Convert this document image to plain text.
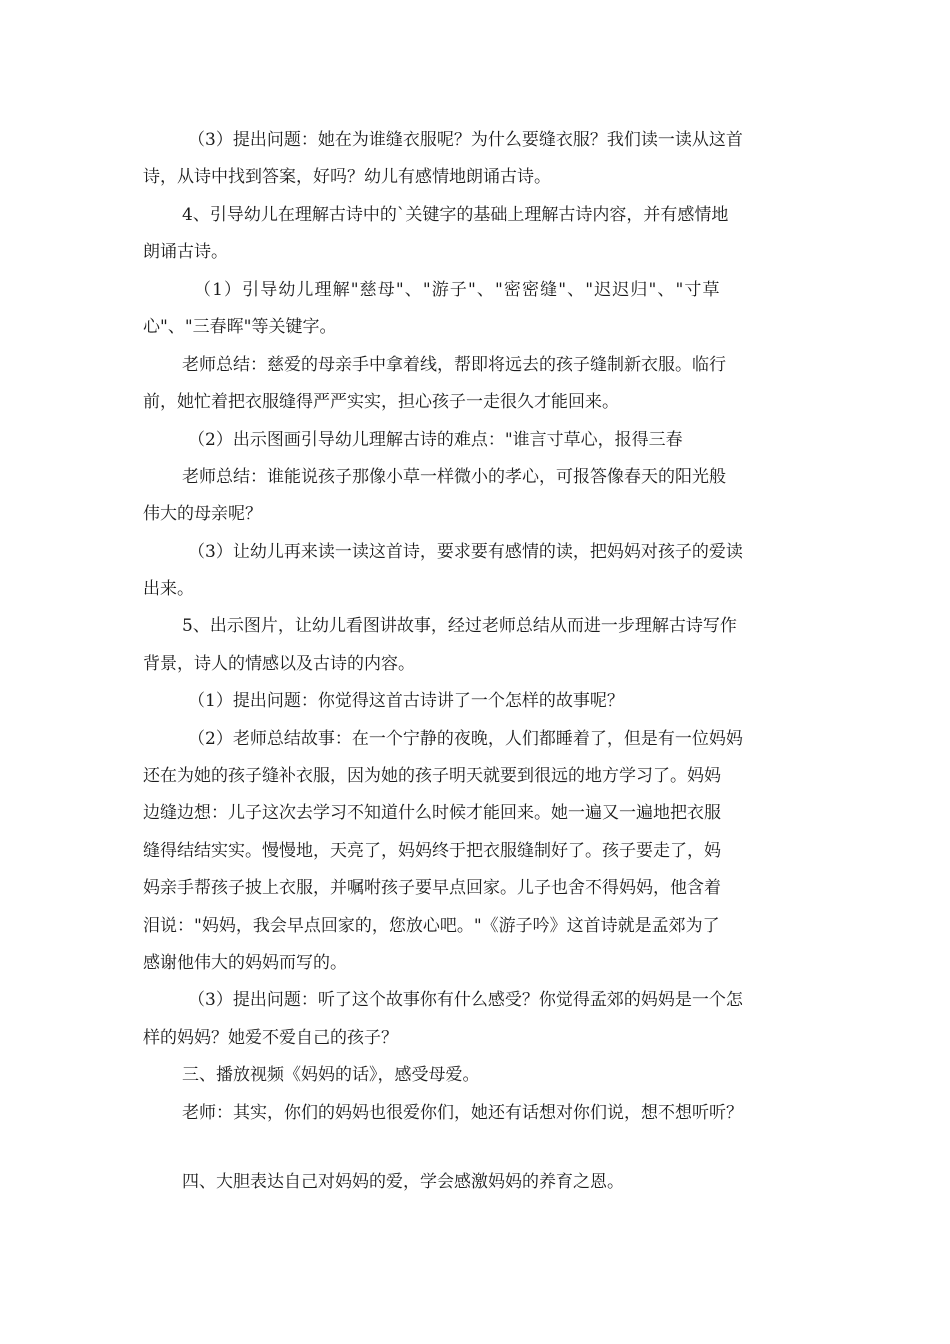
（3）提出问题：她在为谁缝衣服呢？为什么要缝衣服？我们读一读从这首
诗，从诗中找到答案，好吗？幼儿有感情地朗诵古诗。
4、引导幼儿在理解古诗中的`关键字的基础上理解古诗内容，并有感情地
朗诵古诗。
（1）引导幼儿理解"慈母"、"游子"、"密密缝"、"迟迟归"、"寸草
心"、"三春晖"等关键字。
老师总结：慈爱的母亲手中拿着线，帮即将远去的孩子缝制新衣服。临行
前，她忙着把衣服缝得严严实实，担心孩子一走很久才能回来。
（2）出示图画引导幼儿理解古诗的难点："谁言寸草心，报得三春
老师总结：谁能说孩子那像小草一样微小的孝心，可报答像春天的阳光般
伟大的母亲呢？
（3）让幼儿再来读一读这首诗，要求要有感情的读，把妈妈对孩子的爱读
出来。
5、出示图片，让幼儿看图讲故事，经过老师总结从而进一步理解古诗写作
背景，诗人的情感以及古诗的内容。
（1）提出问题：你觉得这首古诗讲了一个怎样的故事呢？
（2）老师总结故事：在一个宁静的夜晚，人们都睡着了，但是有一位妈妈
还在为她的孩子缝补衣服，因为她的孩子明天就要到很远的地方学习了。妈妈
边缝边想：儿子这次去学习不知道什么时候才能回来。她一遍又一遍地把衣服
缝得结结实实。慢慢地，天亮了，妈妈终于把衣服缝制好了。孩子要走了，妈
妈亲手帮孩子披上衣服，并嘱咐孩子要早点回家。儿子也舍不得妈妈，他含着
泪说："妈妈，我会早点回家的，您放心吧。"《游子吟》这首诗就是孟郊为了
感谢他伟大的妈妈而写的。
（3）提出问题：听了这个故事你有什么感受？你觉得孟郊的妈妈是一个怎
样的妈妈？她爱不爱自己的孩子？
三、播放视频《妈妈的话》，感受母爱。
老师：其实，你们的妈妈也很爱你们，她还有话想对你们说，想不想听听？
四、大胆表达自己对妈妈的爱，学会感激妈妈的养育之恩。
